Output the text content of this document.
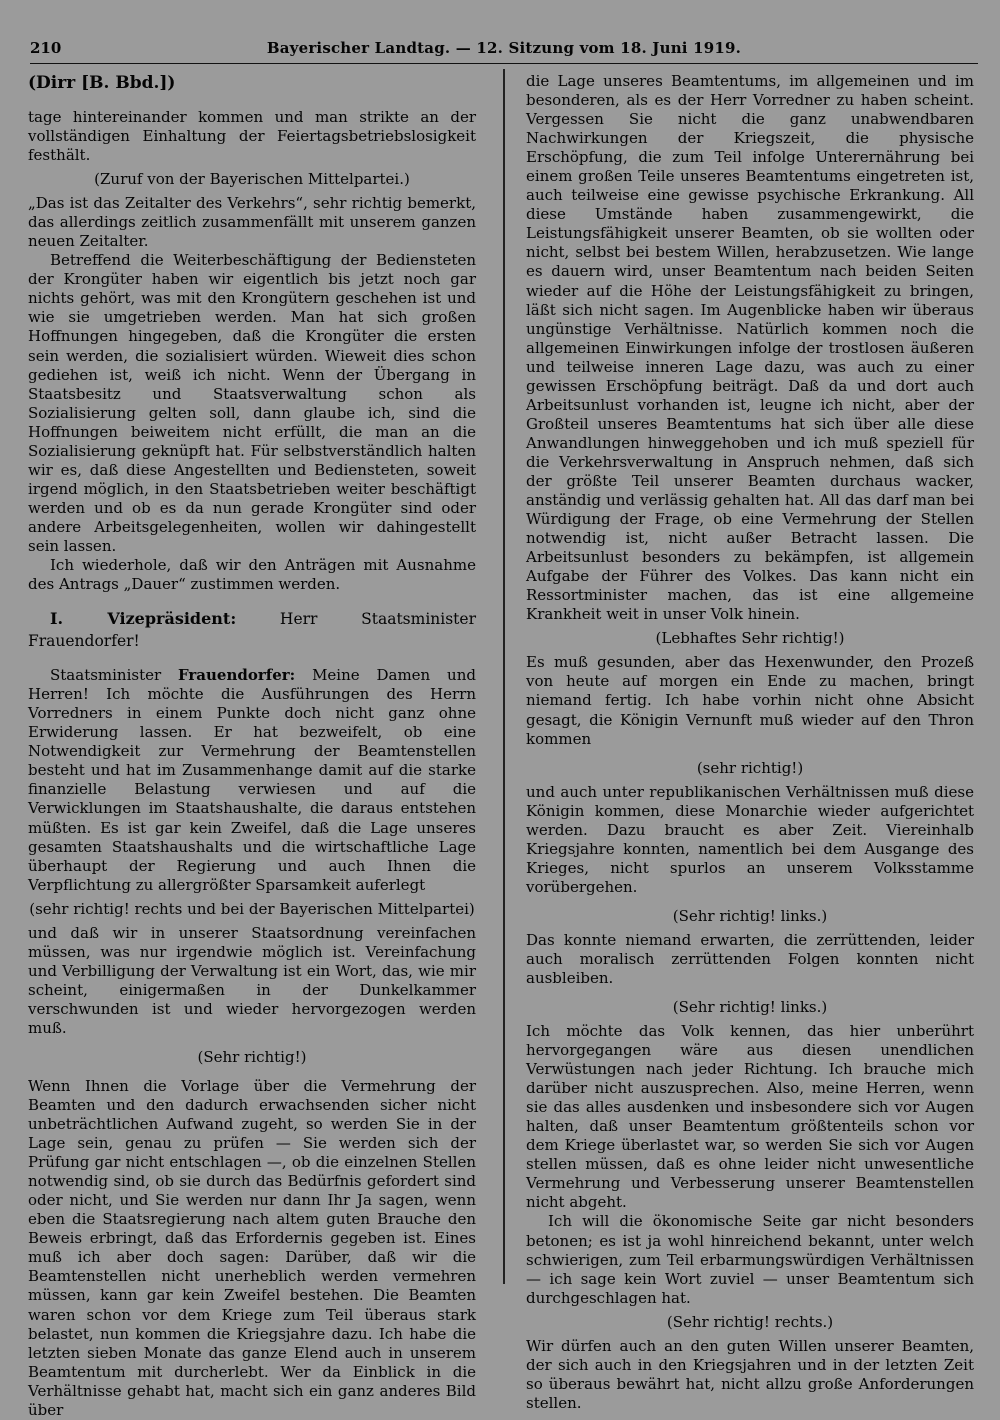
210	Bayerischer Landtag. — 12. Sitzung vom 18. Juni 1919.
(Dirr [B. Bbd.])

tage hintereinander kommen und man strikte an der vollständigen Einhaltung der Feiertagsbetriebslosigkeit festhält.

(Zuruf von der Bayerischen Mittelpartei.)

„Das ist das Zeitalter des Verkehrs“, sehr richtig bemerkt, das allerdings zeitlich zusammenfällt mit unserem ganzen neuen Zeitalter.

Betreffend die Weiterbeschäftigung der Bediensteten der Krongüter haben wir eigentlich bis jetzt noch gar nichts gehört, was mit den Krongütern geschehen ist und wie sie umgetrieben werden. Man hat sich großen Hoffnungen hingegeben, daß die Krongüter die ersten sein werden, die sozialisiert würden. Wieweit dies schon gediehen ist, weiß ich nicht. Wenn der Übergang in Staatsbesitz und Staatsverwaltung schon als Sozialisierung gelten soll, dann glaube ich, sind die Hoffnungen beiweitem nicht erfüllt, die man an die Sozialisierung geknüpft hat. Für selbstverständlich halten wir es, daß diese Angestellten und Bediensteten, soweit irgend möglich, in den Staatsbetrieben weiter beschäftigt werden und ob es da nun gerade Krongüter sind oder andere Arbeitsgelegenheiten, wollen wir dahingestellt sein lassen.

Ich wiederhole, daß wir den Anträgen mit Ausnahme des Antrags „Dauer“ zustimmen werden.

I. Vizepräsident:	Herr Staatsminister Frauendorfer!

Staatsminister Frauendorfer: Meine Damen und Herren! Ich möchte die Ausführungen des Herrn Vorredners in einem Punkte doch nicht ganz ohne Erwiderung lassen. Er hat bezweifelt, ob eine Notwendigkeit zur Vermehrung der Beamtenstellen besteht und hat im Zusammenhange damit auf die starke finanzielle Belastung verwiesen und auf die Verwicklungen im Staatshaushalte, die daraus entstehen müßten. Es ist gar kein Zweifel, daß die Lage unseres gesamten Staatshaushalts und die wirtschaftliche Lage überhaupt der Regierung und auch Ihnen die Verpflichtung zu allergrößter Sparsamkeit auferlegt

(sehr richtig! rechts und bei der Bayerischen Mittelpartei)

und daß wir in unserer Staatsordnung vereinfachen müssen, was nur irgendwie möglich ist. Vereinfachung und Verbilligung der Verwaltung ist ein Wort, das, wie mir scheint, einigermaßen in der Dunkelkammer verschwunden ist und wieder hervorgezogen werden muß.

(Sehr richtig!)

Wenn Ihnen die Vorlage über die Vermehrung der Beamten und den dadurch erwachsenden sicher nicht unbeträchtlichen Aufwand zugeht, so werden Sie in der Lage sein, genau zu prüfen — Sie werden sich der Prüfung gar nicht entschlagen —, ob die einzelnen Stellen notwendig sind, ob sie durch das Bedürfnis gefordert sind oder nicht, und Sie werden nur dann Ihr Ja sagen, wenn eben die Staatsregierung nach altem guten Brauche den Beweis erbringt, daß das Erfordernis gegeben ist. Eines muß ich aber doch sagen: Darüber, daß wir die Beamtenstellen nicht unerheblich werden vermehren müssen, kann gar kein Zweifel bestehen. Die Beamten waren schon vor dem Kriege zum Teil überaus stark belastet, nun kommen die Kriegsjahre dazu. Ich habe die letzten sieben Monate das ganze Elend auch in unserem Beamtentum mit durcherlebt. Wer da Einblick in die Verhältnisse gehabt hat, macht sich ein ganz anderes Bild über

die Lage unseres Beamtentums, im allgemeinen und im besonderen, als es der Herr Vorredner zu haben scheint. Vergessen Sie nicht die ganz unabwendbaren Nachwirkungen der Kriegszeit, die physische Erschöpfung, die zum Teil infolge Unterernährung bei einem großen Teile unseres Beamtentums eingetreten ist, auch teilweise eine gewisse psychische Erkrankung. All diese Umstände haben zusammengewirkt, die Leistungsfähigkeit unserer Beamten, ob sie wollten oder nicht, selbst bei bestem Willen, herabzusetzen. Wie lange es dauern wird, unser Beamtentum nach beiden Seiten wieder auf die Höhe der Leistungsfähigkeit zu bringen, läßt sich nicht sagen. Im Augenblicke haben wir überaus ungünstige Verhältnisse. Natürlich kommen noch die allgemeinen Einwirkungen infolge der trostlosen äußeren und teilweise inneren Lage dazu, was auch zu einer gewissen Erschöpfung beiträgt. Daß da und dort auch Arbeitsunlust vorhanden ist, leugne ich nicht, aber der Großteil unseres Beamtentums hat sich über alle diese Anwandlungen hinweggehoben und ich muß speziell für die Verkehrsverwaltung in Anspruch nehmen, daß sich der größte Teil unserer Beamten durchaus wacker, anständig und verlässig gehalten hat. All das darf man bei Würdigung der Frage, ob eine Vermehrung der Stellen notwendig ist, nicht außer Betracht lassen. Die Arbeitsunlust besonders zu bekämpfen, ist allgemein Aufgabe der Führer des Volkes. Das kann nicht ein Ressortminister machen, das ist eine allgemeine Krankheit weit in unser Volk hinein.

(Lebhaftes Sehr richtig!)

Es muß gesunden, aber das Hexenwunder, den Prozeß von heute auf morgen ein Ende zu machen, bringt niemand fertig. Ich habe vorhin nicht ohne Absicht gesagt, die Königin Vernunft muß wieder auf den Thron kommen

(sehr richtig!)

und auch unter republikanischen Verhältnissen muß diese Königin kommen, diese Monarchie wieder aufgerichtet werden. Dazu braucht es aber Zeit. Viereinhalb Kriegsjahre konnten, namentlich bei dem Ausgange des Krieges, nicht spurlos an unserem Volksstamme vorübergehen.

(Sehr richtig! links.)

Das konnte niemand erwarten, die zerrüttenden, leider auch moralisch zerrüttenden Folgen konnten nicht ausbleiben.

(Sehr richtig! links.)

Ich möchte das Volk kennen, das hier unberührt hervorgegangen wäre aus diesen unendlichen Verwüstungen nach jeder Richtung. Ich brauche mich darüber nicht auszusprechen. Also, meine Herren, wenn sie das alles ausdenken und insbesondere sich vor Augen halten, daß unser Beamtentum größtenteils schon vor dem Kriege überlastet war, so werden Sie sich vor Augen stellen müssen, daß es ohne leider nicht unwesentliche Vermehrung und Verbesserung unserer Beamtenstellen nicht abgeht.

Ich will die ökonomische Seite gar nicht besonders betonen; es ist ja wohl hinreichend bekannt, unter welch schwierigen, zum Teil erbarmungswürdigen Verhältnissen — ich sage kein Wort zuviel — unser Beamtentum sich durchgeschlagen hat.

(Sehr richtig! rechts.)

Wir dürfen auch an den guten Willen unserer Beamten, der sich auch in den Kriegsjahren und in der letzten Zeit so überaus bewährt hat, nicht allzu große Anforderungen stellen.
